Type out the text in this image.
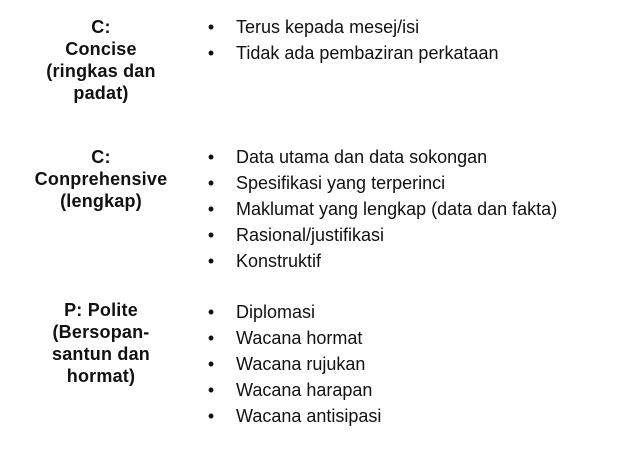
C:
Concise
(ringkas dan
padat)
• Terus kepada mesej/isi
• Tidak ada pembaziran perkataan
C:
Conprehensive
(lengkap)
• Data utama dan data sokongan
• Spesifikasi yang terperinci
• Maklumat yang lengkap (data dan fakta)
• Rasional/justifikasi
• Konstruktif
P: Polite
(Bersopan-
santun dan
hormat)
• Diplomasi
• Wacana hormat
• Wacana rujukan
• Wacana harapan
• Wacana antisipasi
